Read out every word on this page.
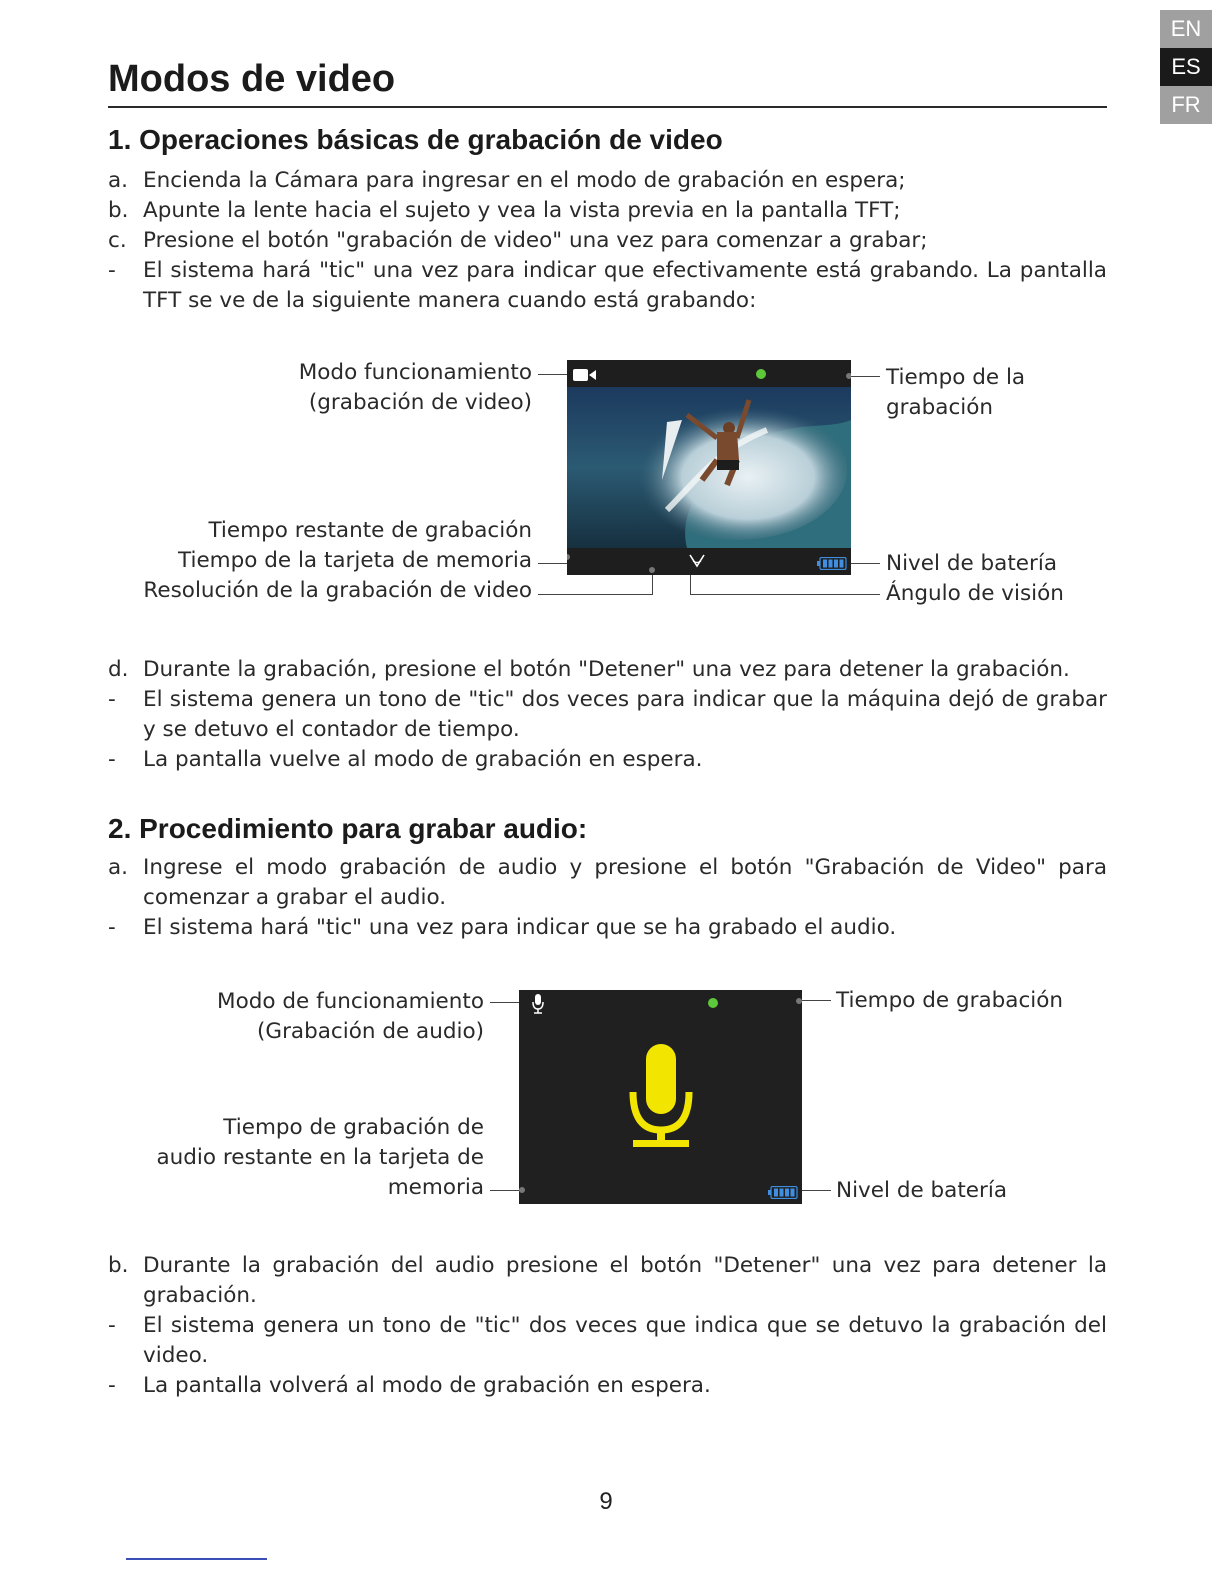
EN
ES
FR
Modos de video
1. Operaciones básicas de grabación de video
a. Encienda la Cámara para ingresar en el modo de grabación en espera;
b. Apunte la lente hacia el sujeto y vea la vista previa en la pantalla TFT;
c. Presione el botón "grabación de video" una vez para comenzar a grabar;
-	El sistema hará "tic" una vez para indicar que efectivamente está grabando. La pantalla TFT se ve de la siguiente manera cuando está grabando:
Modo funcionamiento
(grabación de video)
Tiempo de la
grabación
Tiempo restante de grabación
Tiempo de la tarjeta de memoria
Resolución de la grabación de video
Nivel de batería
Ángulo de visión
d. Durante la grabación, presione el botón "Detener" una vez para detener la grabación.
-	El sistema genera un tono de "tic" dos veces para indicar que la máquina dejó de grabar y se detuvo el contador de tiempo.
-	La pantalla vuelve al modo de grabación en espera.
2. Procedimiento para grabar audio:
a. Ingrese el modo grabación de audio y presione el botón "Grabación de Video" para comenzar a grabar el audio.
-	El sistema hará "tic" una vez para indicar que se ha grabado el audio.
Modo de funcionamiento
(Grabación de audio)
Tiempo de grabación
Tiempo de grabación de
audio restante en la tarjeta de
memoria	Nivel de batería
b. Durante la grabación del audio presione el botón "Detener" una vez para detener la grabación.
-	El sistema genera un tono de "tic" dos veces que indica que se detuvo la grabación del video.
-	La pantalla volverá al modo de grabación en espera.
9
